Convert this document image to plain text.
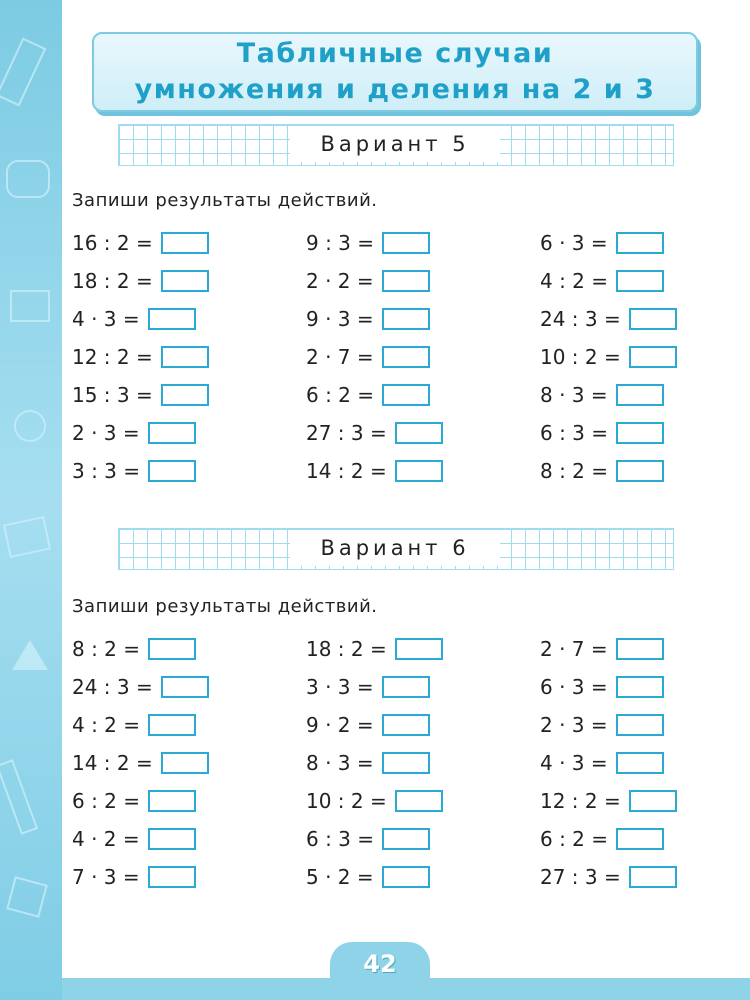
Табличные случаи
умножения и деления на 2 и 3
Вариант 5
Запиши результаты действий.
16 : 2 =
18 : 2 =
4 · 3 =
12 : 2 =
15 : 3 =
2 · 3 =
3 : 3 =
9 : 3 =
2 · 2 =
9 · 3 =
2 · 7 =
6 : 2 =
27 : 3 =
14 : 2 =
6 · 3 =
4 : 2 =
24 : 3 =
10 : 2 =
8 · 3 =
6 : 3 =
8 : 2 =
Вариант 6
Запиши результаты действий.
8 : 2 =
24 : 3 =
4 : 2 =
14 : 2 =
6 : 2 =
4 · 2 =
7 · 3 =
18 : 2 =
3 · 3 =
9 · 2 =
8 · 3 =
10 : 2 =
6 : 3 =
5 · 2 =
2 · 7 =
6 · 3 =
2 · 3 =
4 · 3 =
12 : 2 =
6 : 2 =
27 : 3 =
42
